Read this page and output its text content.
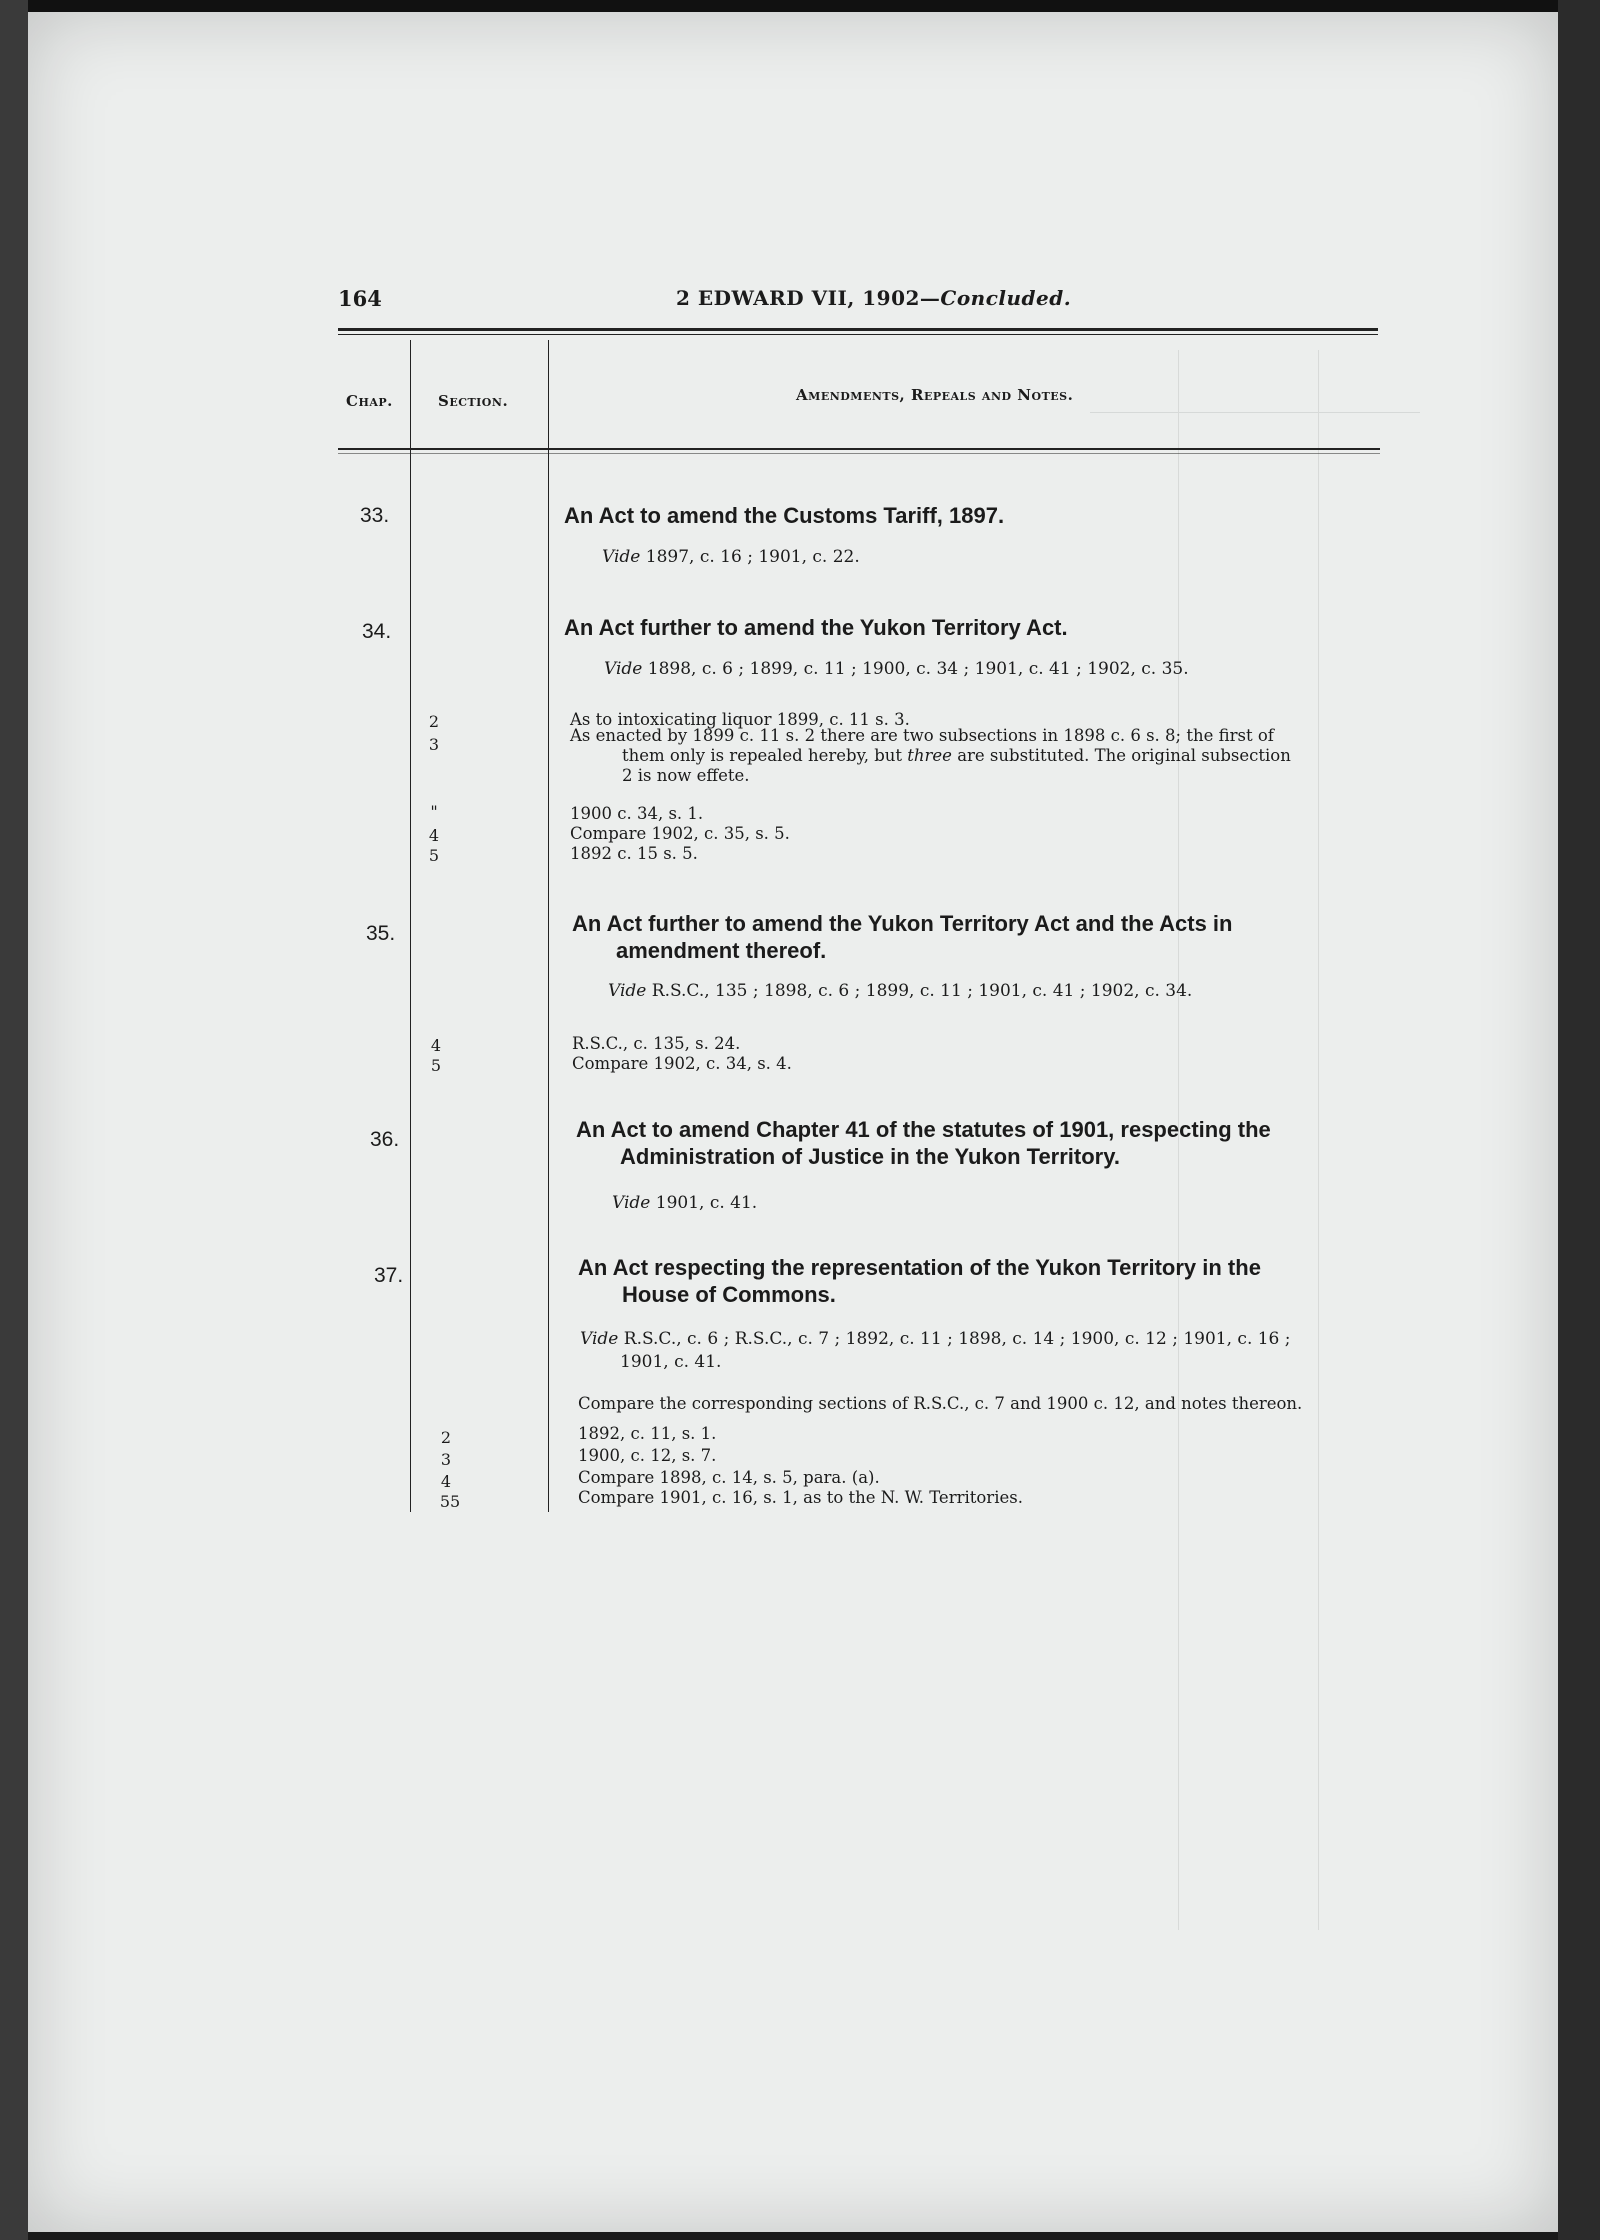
164	2 EDWARD VII, 1902—Concluded.
Chap.	Section.	Amendments, Repeals and Notes.
33.	An Act to amend the Customs Tariff, 1897.
Vide 1897, c. 16 ; 1901, c. 22.
34.	An Act further to amend the Yukon Territory Act.
Vide 1898, c. 6 ; 1899, c. 11 ; 1900, c. 34 ; 1901, c. 41 ; 1902, c. 35.
2	As to intoxicating liquor 1899, c. 11 s. 3.
3	As enacted by 1899 c. 11 s. 2 there are two subsections in 1898 c. 6 s. 8; the first of
them only is repealed hereby, but three are substituted. The original subsection
2 is now effete.
"	1900 c. 34, s. 1.
4	Compare 1902, c. 35, s. 5.
5	1892 c. 15 s. 5.
35.	An Act further to amend the Yukon Territory Act and the Acts in
amendment thereof.
Vide R.S.C., 135 ; 1898, c. 6 ; 1899, c. 11 ; 1901, c. 41 ; 1902, c. 34.
4	R.S.C., c. 135, s. 24.
5	Compare 1902, c. 34, s. 4.
36.	An Act to amend Chapter 41 of the statutes of 1901, respecting the
Administration of Justice in the Yukon Territory.
Vide 1901, c. 41.
37.	An Act respecting the representation of the Yukon Territory in the
House of Commons.
Vide R.S.C., c. 6 ; R.S.C., c. 7 ; 1892, c. 11 ; 1898, c. 14 ; 1900, c. 12 ; 1901, c. 16 ;
1901, c. 41.
Compare the corresponding sections of R.S.C., c. 7 and 1900 c. 12, and notes thereon.
2	1892, c. 11, s. 1.
3	1900, c. 12, s. 7.
4	Compare 1898, c. 14, s. 5, para. (a).
55	Compare 1901, c. 16, s. 1, as to the N. W. Territories.
